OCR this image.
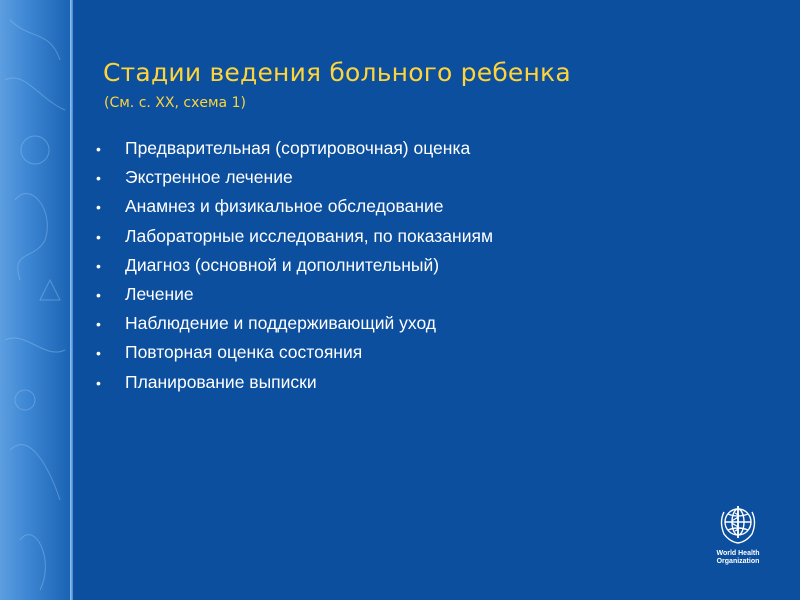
Стадии ведения больного ребенка
(См. с. XX, схема 1)
•	Предварительная (сортировочная) оценка
•	Экстренное лечение
•	Анамнез и физикальное обследование
•	Лабораторные исследования, по показаниям
•	Диагноз (основной и дополнительный)
•	Лечение
•	Наблюдение и поддерживающий уход
•	Повторная оценка состояния
•	Планирование выписки
World Health
Organization
